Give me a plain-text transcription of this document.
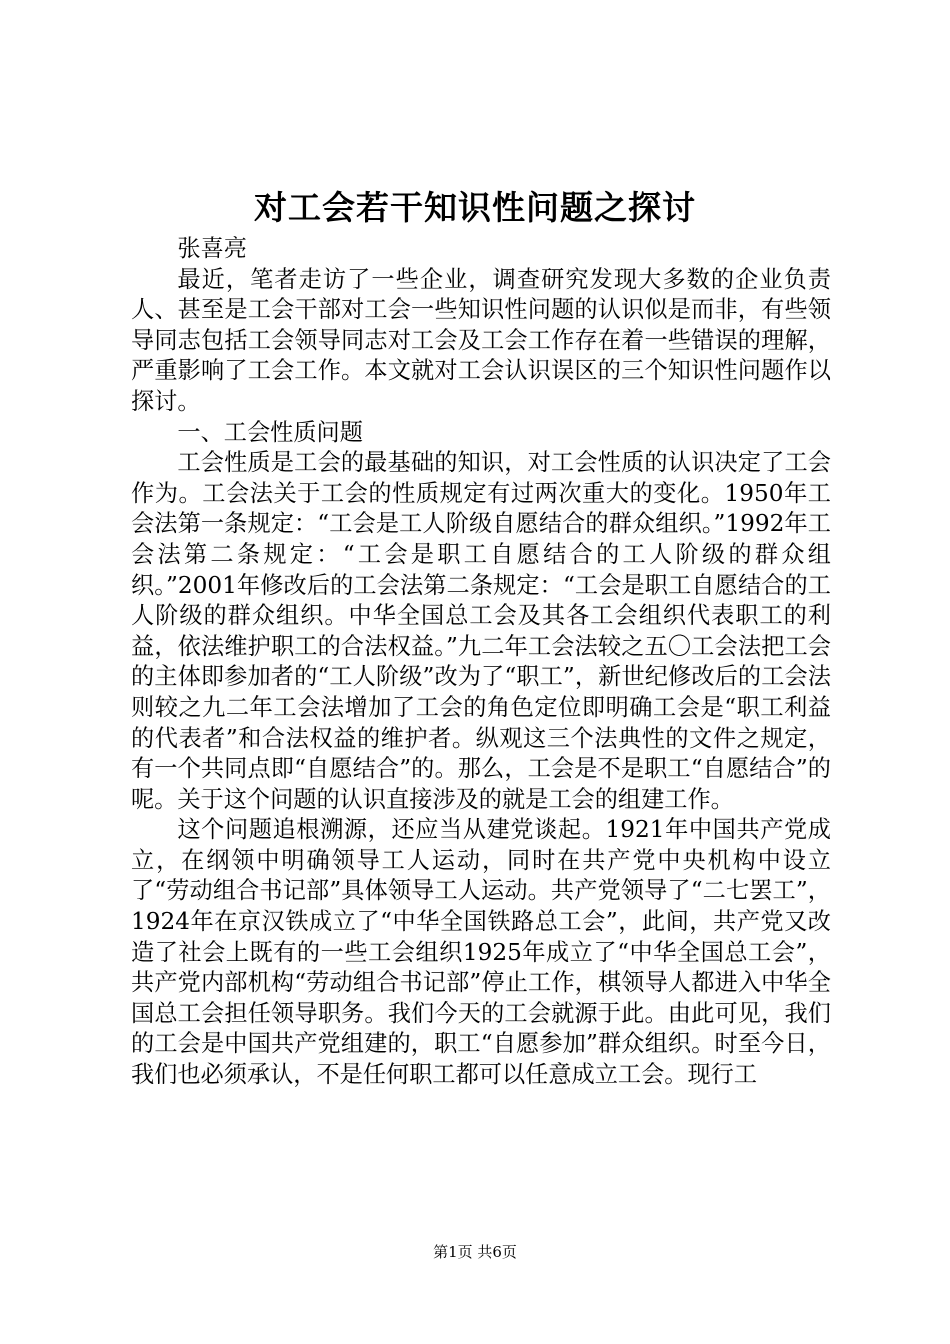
对工会若干知识性问题之探讨

张喜亮

最近，笔者走访了一些企业，调查研究发现大多数的企业负责人、甚至是工会干部对工会一些知识性问题的认识似是而非，有些领导同志包括工会领导同志对工会及工会工作存在着一些错误的理解，严重影响了工会工作。本文就对工会认识误区的三个知识性问题作以探讨。

一、工会性质问题

工会性质是工会的最基础的知识，对工会性质的认识决定了工会作为。工会法关于工会的性质规定有过两次重大的变化。1950年工会法第一条规定：“工会是工人阶级自愿结合的群众组织。”1992年工会法第二条规定：“工会是职工自愿结合的工人阶级的群众组织。”2001年修改后的工会法第二条规定：“工会是职工自愿结合的工人阶级的群众组织。中华全国总工会及其各工会组织代表职工的利益，依法维护职工的合法权益。”九二年工会法较之五〇工会法把工会的主体即参加者的“工人阶级”改为了“职工”，新世纪修改后的工会法则较之九二年工会法增加了工会的角色定位即明确工会是“职工利益的代表者”和合法权益的维护者。纵观这三个法典性的文件之规定，有一个共同点即“自愿结合”的。那么，工会是不是职工“自愿结合”的呢。关于这个问题的认识直接涉及的就是工会的组建工作。

这个问题追根溯源，还应当从建党谈起。1921年中国共产党成立，在纲领中明确领导工人运动，同时在共产党中央机构中设立了“劳动组合书记部”具体领导工人运动。共产党领导了“二七罢工”，1924年在京汉铁成立了“中华全国铁路总工会”，此间，共产党又改造了社会上既有的一些工会组织1925年成立了“中华全国总工会”，共产党内部机构“劳动组合书记部”停止工作，棋领导人都进入中华全国总工会担任领导职务。我们今天的工会就源于此。由此可见，我们的工会是中国共产党组建的，职工“自愿参加”群众组织。时至今日，我们也必须承认，不是任何职工都可以任意成立工会。现行工

第1页 共6页
